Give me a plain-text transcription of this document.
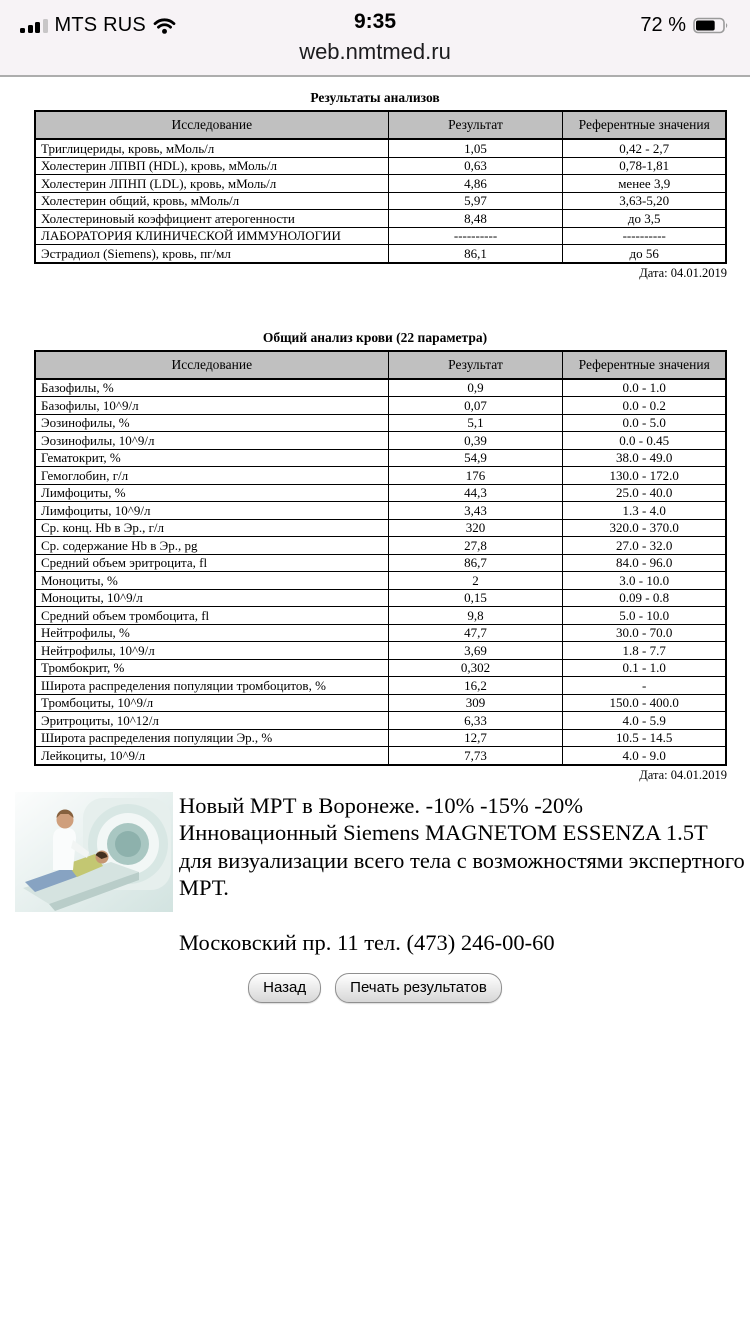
MTS RUS	9:35	72 %
web.nmtmed.ru
Результаты анализов
Исследование	Результат	Референтные значения
Триглицериды, кровь, мМоль/л	1,05	0,42 - 2,7
Холестерин ЛПВП (HDL), кровь, мМоль/л	0,63	0,78-1,81
Холестерин ЛПНП (LDL), кровь, мМоль/л	4,86	менее 3,9
Холестерин общий, кровь, мМоль/л	5,97	3,63-5,20
Холестериновый коэффициент атерогенности	8,48	до 3,5
ЛАБОРАТОРИЯ КЛИНИЧЕСКОЙ ИММУНОЛОГИИ	----------	----------
Эстрадиол (Siemens), кровь, пг/мл	86,1	до 56
Дата: 04.01.2019
Общий анализ крови (22 параметра)
Исследование	Результат	Референтные значения
Базофилы, %	0,9	0.0 - 1.0
Базофилы, 10^9/л	0,07	0.0 - 0.2
Эозинофилы, %	5,1	0.0 - 5.0
Эозинофилы, 10^9/л	0,39	0.0 - 0.45
Гематокрит, %	54,9	38.0 - 49.0
Гемоглобин, г/л	176	130.0 - 172.0
Лимфоциты, %	44,3	25.0 - 40.0
Лимфоциты, 10^9/л	3,43	1.3 - 4.0
Ср. конц. Hb в Эр., г/л	320	320.0 - 370.0
Ср. содержание Hb в Эр., pg	27,8	27.0 - 32.0
Средний объем эритроцита, fl	86,7	84.0 - 96.0
Моноциты, %	2	3.0 - 10.0
Моноциты, 10^9/л	0,15	0.09 - 0.8
Средний объем тромбоцита, fl	9,8	5.0 - 10.0
Нейтрофилы, %	47,7	30.0 - 70.0
Нейтрофилы, 10^9/л	3,69	1.8 - 7.7
Тромбокрит, %	0,302	0.1 - 1.0
Широта распределения популяции тромбоцитов, %	16,2	-
Тромбоциты, 10^9/л	309	150.0 - 400.0
Эритроциты, 10^12/л	6,33	4.0 - 5.9
Широта распределения популяции Эр., %	12,7	10.5 - 14.5
Лейкоциты, 10^9/л	7,73	4.0 - 9.0
Дата: 04.01.2019
Новый МРТ в Воронеже. -10% -15% -20%
Инновационный Siemens MAGNETOM ESSENZA 1.5T
для визуализации всего тела с возможностями экспертного МРТ.
Московский пр. 11 тел. (473) 246-00-60
Назад	Печать результатов
